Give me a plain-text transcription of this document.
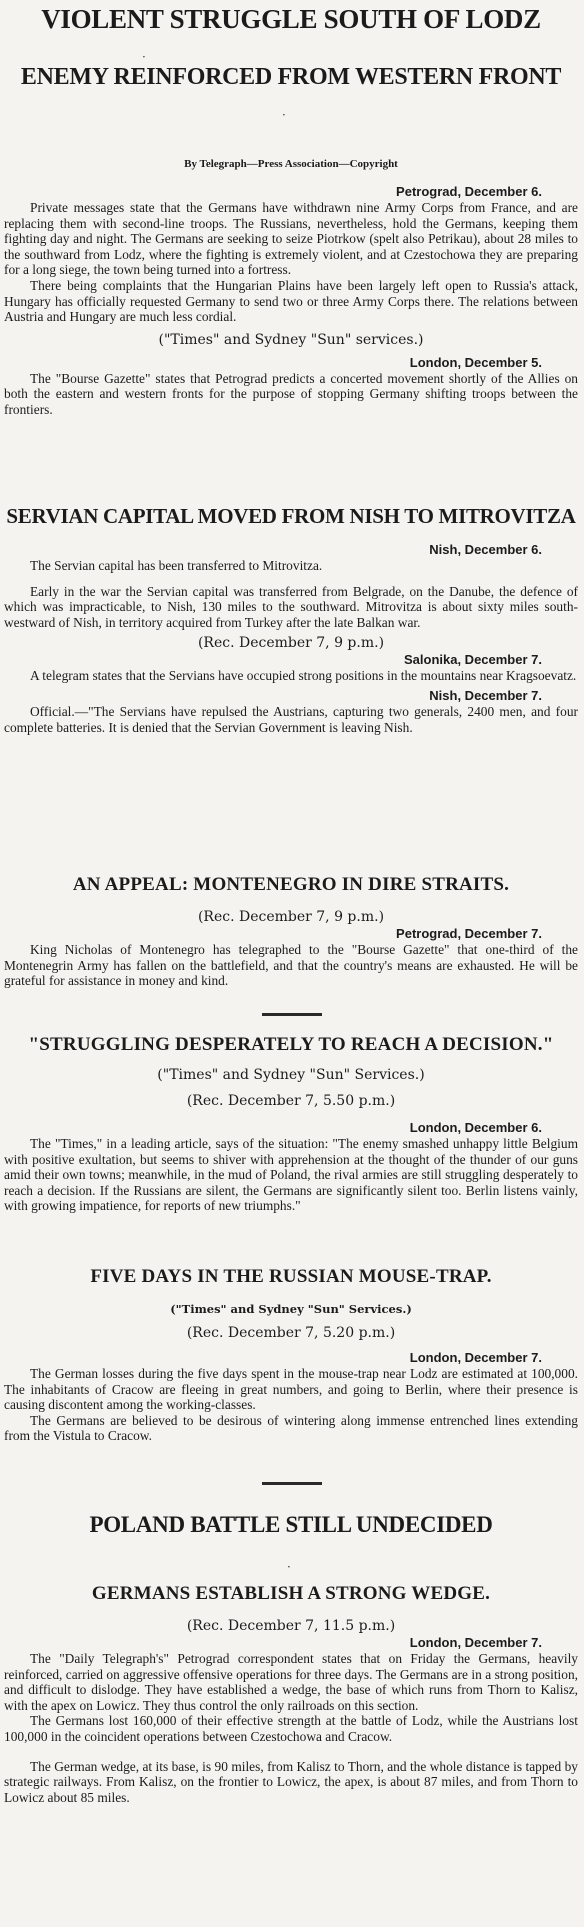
VIOLENT STRUGGLE SOUTH OF LODZ
ENEMY REINFORCED FROM WESTERN FRONT

By Telegraph—Press Association—Copyright

Petrograd, December 6.

Private messages state that the Germans have withdrawn nine Army Corps from France, and are replacing them with second-line troops. The Russians, nevertheless, hold the Germans, keeping them fighting day and night. The Germans are seeking to seize Piotrkow (spelt also Petrikau), about 28 miles to the southward from Lodz, where the fighting is extremely violent, and at Czestochowa they are preparing for a long siege, the town being turned into a fortress.

There being complaints that the Hungarian Plains have been largely left open to Russia's attack, Hungary has officially requested Germany to send two or three Army Corps there. The relations between Austria and Hungary are much less cordial.

("Times" and Sydney "Sun" services.)

London, December 5.

The "Bourse Gazette" states that Petrograd predicts a concerted movement shortly of the Allies on both the eastern and western fronts for the purpose of stopping Germany shifting troops between the frontiers.

SERVIAN CAPITAL MOVED FROM NISH TO MITROVITZA

Nish, December 6.

The Servian capital has been transferred to Mitrovitza.

Early in the war the Servian capital was transferred from Belgrade, on the Danube, the defence of which was impracticable, to Nish, 130 miles to the southward. Mitrovitza is about sixty miles south-westward of Nish, in territory acquired from Turkey after the late Balkan war.

(Rec. December 7, 9 p.m.)

Salonika, December 7.

A telegram states that the Servians have occupied strong positions in the mountains near Kragsoevatz.

Nish, December 7.

Official.—"The Servians have repulsed the Austrians, capturing two generals, 2400 men, and four complete batteries. It is denied that the Servian Government is leaving Nish.

AN APPEAL: MONTENEGRO IN DIRE STRAITS.

(Rec. December 7, 9 p.m.)

Petrograd, December 7.

King Nicholas of Montenegro has telegraphed to the "Bourse Gazette" that one-third of the Montenegrin Army has fallen on the battlefield, and that the country's means are exhausted. He will be grateful for assistance in money and kind.

"STRUGGLING DESPERATELY TO REACH A DECISION."

("Times" and Sydney "Sun" Services.)

(Rec. December 7, 5.50 p.m.)

London, December 6.

The "Times," in a leading article, says of the situation: "The enemy smashed unhappy little Belgium with positive exultation, but seems to shiver with apprehension at the thought of the thunder of our guns amid their own towns; meanwhile, in the mud of Poland, the rival armies are still struggling desperately to reach a decision. If the Russians are silent, the Germans are significantly silent too. Berlin listens vainly, with growing impatience, for reports of new triumphs."

FIVE DAYS IN THE RUSSIAN MOUSE-TRAP.

("Times" and Sydney "Sun" Services.)

(Rec. December 7, 5.20 p.m.)

London, December 7.

The German losses during the five days spent in the mouse-trap near Lodz are estimated at 100,000. The inhabitants of Cracow are fleeing in great numbers, and going to Berlin, where their presence is causing discontent among the working-classes.

The Germans are believed to be desirous of wintering along immense entrenched lines extending from the Vistula to Cracow.

POLAND BATTLE STILL UNDECIDED
GERMANS ESTABLISH A STRONG WEDGE.

(Rec. December 7, 11.5 p.m.)

London, December 7.

The "Daily Telegraph's" Petrograd correspondent states that on Friday the Germans, heavily reinforced, carried on aggressive offensive operations for three days. The Germans are in a strong position, and difficult to dislodge. They have established a wedge, the base of which runs from Thorn to Kalisz, with the apex on Lowicz. They thus control the only railroads on this section.

The Germans lost 160,000 of their effective strength at the battle of Lodz, while the Austrians lost 100,000 in the coincident operations between Czestochowa and Cracow.

The German wedge, at its base, is 90 miles, from Kalisz to Thorn, and the whole distance is tapped by strategic railways. From Kalisz, on the frontier to Lowicz, the apex, is about 87 miles, and from Thorn to Lowicz about 85 miles.

·
·
·
